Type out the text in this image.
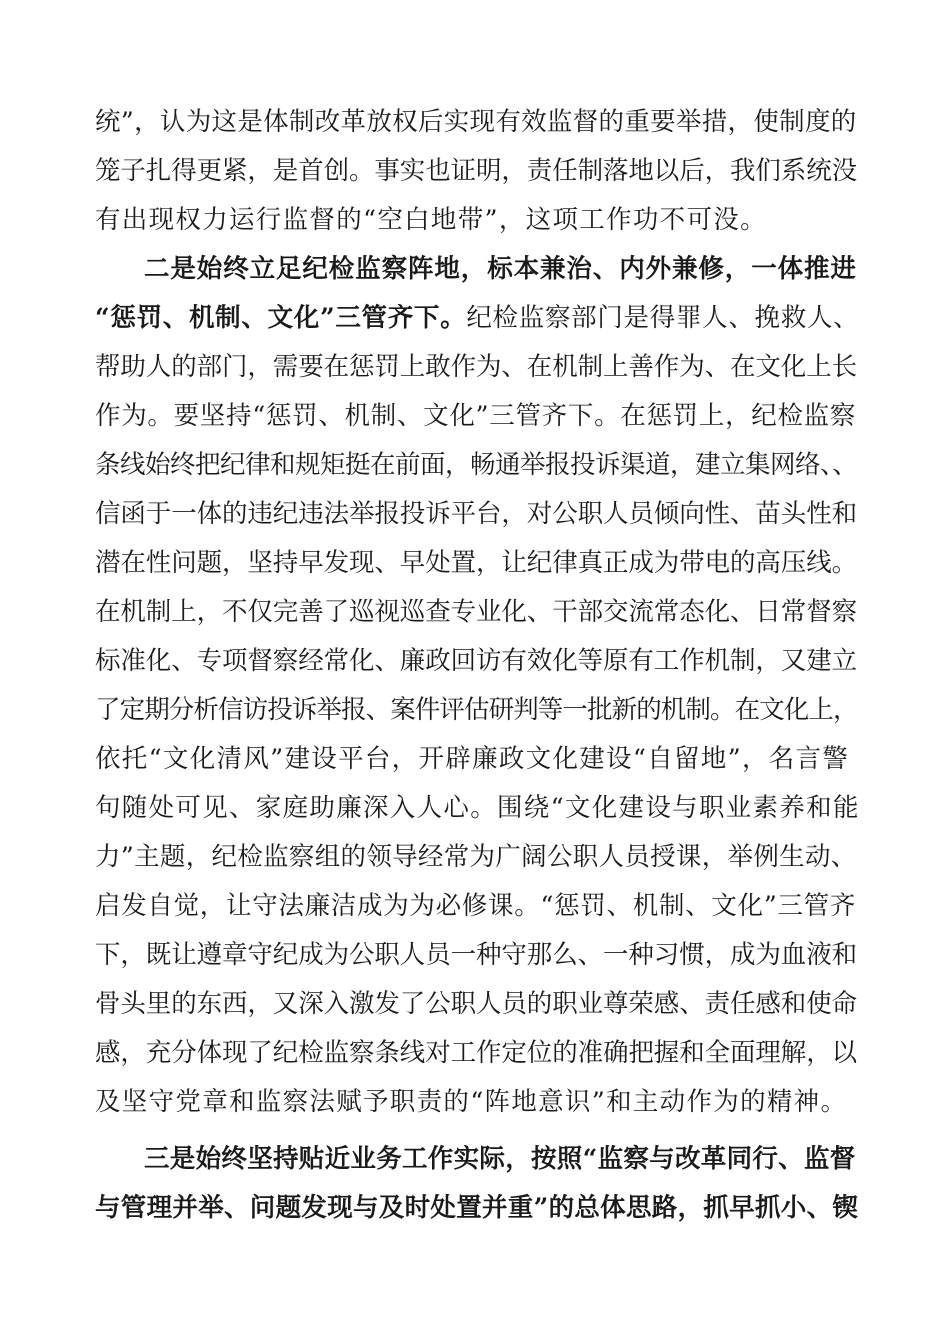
统”，认为这是体制改革放权后实现有效监督的重要举措，使制度的
笼子扎得更紧，是首创。事实也证明，责任制落地以后，我们系统没
有出现权力运行监督的“空白地带”，这项工作功不可没。
二是始终立足纪检监察阵地，标本兼治、内外兼修，一体推进
“惩罚、机制、文化”三管齐下。纪检监察部门是得罪人、挽救人、
帮助人的部门，需要在惩罚上敢作为、在机制上善作为、在文化上长
作为。要坚持“惩罚、机制、文化”三管齐下。在惩罚上，纪检监察
条线始终把纪律和规矩挺在前面，畅通举报投诉渠道，建立集网络、、
信函于一体的违纪违法举报投诉平台，对公职人员倾向性、苗头性和
潜在性问题，坚持早发现、早处置，让纪律真正成为带电的高压线。
在机制上，不仅完善了巡视巡查专业化、干部交流常态化、日常督察
标准化、专项督察经常化、廉政回访有效化等原有工作机制，又建立
了定期分析信访投诉举报、案件评估研判等一批新的机制。在文化上，
依托“文化清风”建设平台，开辟廉政文化建设“自留地”，名言警
句随处可见、家庭助廉深入人心。围绕“文化建设与职业素养和能
力”主题，纪检监察组的领导经常为广阔公职人员授课，举例生动、
启发自觉，让守法廉洁成为为必修课。“惩罚、机制、文化”三管齐
下，既让遵章守纪成为公职人员一种守那么、一种习惯，成为血液和
骨头里的东西，又深入激发了公职人员的职业尊荣感、责任感和使命
感，充分体现了纪检监察条线对工作定位的准确把握和全面理解，以
及坚守党章和监察法赋予职责的“阵地意识”和主动作为的精神。
三是始终坚持贴近业务工作实际，按照“监察与改革同行、监督
与管理并举、问题发现与及时处置并重”的总体思路，抓早抓小、锲
